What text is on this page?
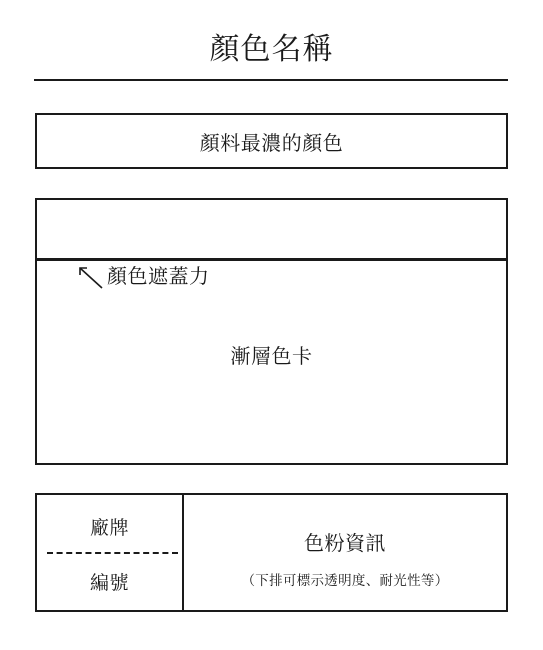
顏色名稱
顏料最濃的顏色
顏色遮蓋力
漸層色卡
廠牌
編號
色粉資訊
（下排可標示透明度、耐光性等）
